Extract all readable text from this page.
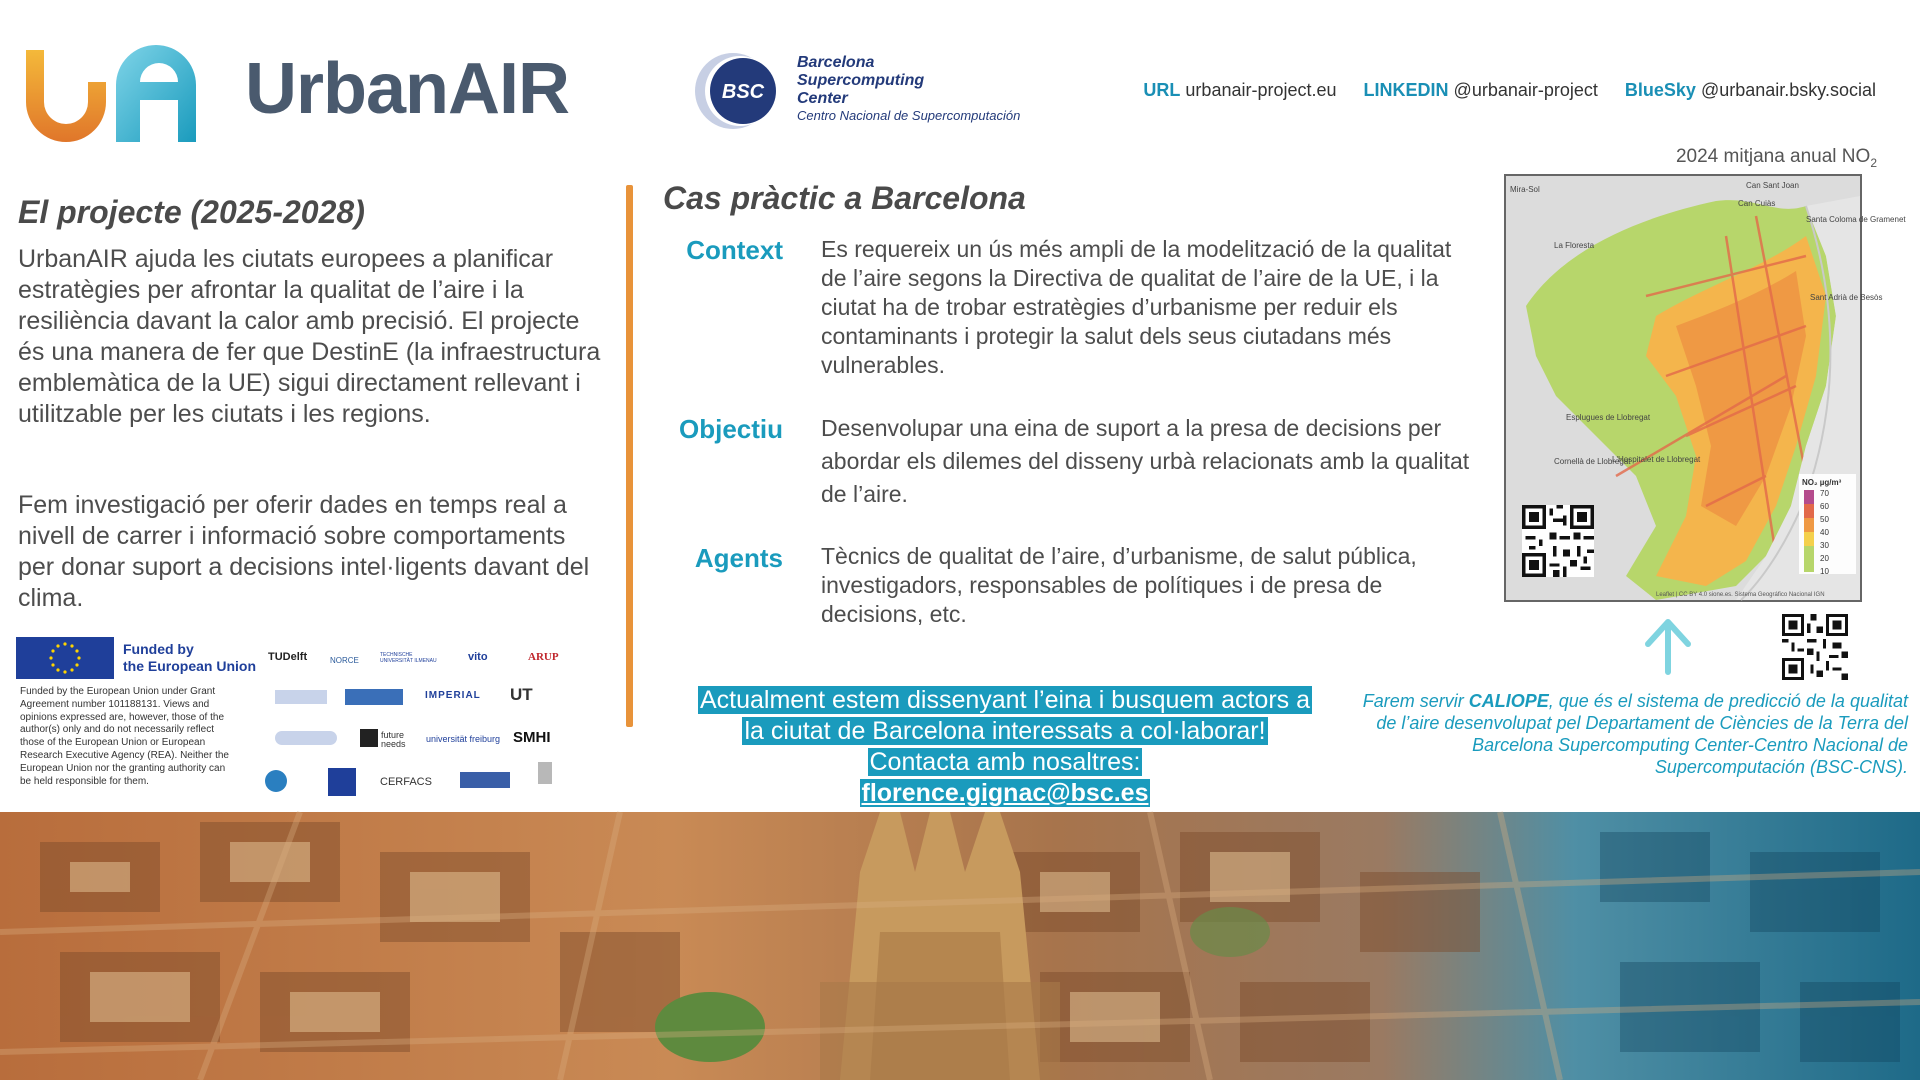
UrbanAIR	BSC
Barcelona
Supercomputing
Center
Centro Nacional de Supercomputación
URL urbanair-project.eu LINKEDIN @urbanair-project BlueSky @urbanair.bsky.social
El projecte (2025-2028)
UrbanAIR ajuda les ciutats europees a planificar estratègies per afrontar la qualitat de l’aire i la resiliència davant la calor amb precisió. El projecte és una manera de fer que DestinE (la infraestructura emblemàtica de la UE) sigui directament rellevant i utilitzable per les ciutats i les regions.
Fem investigació per oferir dades en temps real a nivell de carrer i informació sobre comportaments per donar suport a decisions intel·ligents davant del clima.
Cas pràctic a Barcelona
Context Es requereix un ús més ampli de la modelització de la qualitat de l’aire segons la Directiva de qualitat de l’aire de la UE, i la ciutat ha de trobar estratègies d’urbanisme per reduir els contaminants i protegir la salut dels seus ciutadans més vulnerables.
Objectiu Desenvolupar una eina de suport a la presa de decisions per abordar els dilemes del disseny urbà relacionats amb la qualitat de l’aire.
Agents Tècnics de qualitat de l’aire, d’urbanisme, de salut pública, investigadors, responsables de polítiques i de presa de decisions, etc.
Actualment estem dissenyant l’eina i busquem actors a la ciutat de Barcelona interessats a col·laborar! Contacta amb nosaltres:
florence.gignac@bsc.es
2024 mitjana anual $NO_2$
Can Sant Joan
Mira-Sol
Can Cuiàs
Santa Coloma de Gramenet
La Floresta
Sant Adrià de Besòs
Esplugues de Llobregat
Cornellà de Llobregat
L'Hospitalet de Llobregat
NO₂ µg/m³
70
60
50
40
30
20
10
Leaflet | CC BY 4.0 sione.es. Sistema Geográfico Nacional IGN
Farem servir CALIOPE, que és el sistema de predicció de la qualitat de l’aire desenvolupat pel Departament de Ciències de la Terra del Barcelona Supercomputing Center-Centro Nacional de Supercomputación (BSC-CNS).
Funded by
the European Union
Funded by the European Union under Grant Agreement number 101188131. Views and opinions expressed are, however, those of the author(s) only and do not necessarily reflect those of the European Union or European Research Executive Agency (REA). Neither the European Union nor the granting authority can be held responsible for them.
TUDelft	NORCE
TECHNISCHE UNIVERSITÄT ILMENAU	vito	ARUP
IMPERIAL UT
future needs	universität freiburg SMHI
CERFACS
